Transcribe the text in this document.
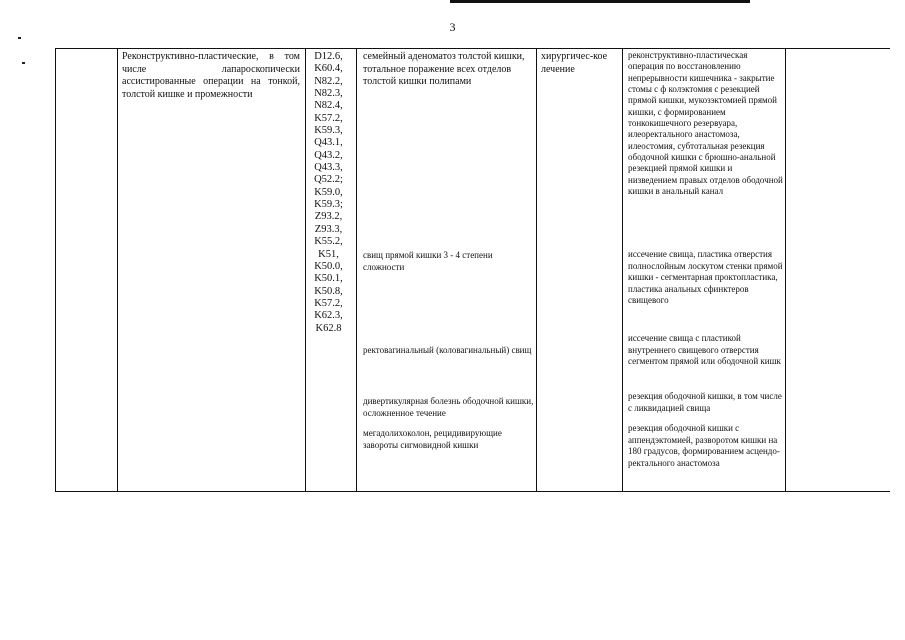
3
Реконструктивно-пластические, в том числе лапароскопически ассистированные операции на тонкой, толстой кишке и промежности
D12.6,
K60.4,
N82.2,
N82.3,
N82.4,
K57.2,
K59.3,
Q43.1,
Q43.2,
Q43.3,
Q52.2;
K59.0,
K59.3;
Z93.2,
Z93.3,
K55.2,
K51,
K50.0,
K50.1,
K50.8,
K57.2,
K62.3,
K62.8
семейный аденоматоз толстой кишки, тотальное поражение всех отделов толстой кишки полипами
свищ прямой кишки 3 - 4 степени сложности
ректовагинальный (коловагинальный) свищ
дивертикулярная болезнь ободочной кишки, осложненное течение
мегадолихоколон, рецидивирующие завороты сигмовидной кишки
хирургичес-кое лечение
реконструктивно-пластическая операция по восстановлению непрерывности кишечника - закрытие стомы с ф колэктомия с резекцией прямой кишки, мукозэктомией прямой кишки, с формированием тонкокишечного резервуара, илеоректального анастомоза, илеостомия, субтотальная резекция ободочной кишки с брюшно-анальной резекцией прямой кишки и низведением правых отделов ободочной кишки в анальный канал
иссечение свища, пластика отверстия полнослойным лоскутом стенки прямой кишки - сегментарная проктопластика, пластика анальных сфинктеров свищевого
иссечение свища с пластикой внутреннего свищевого отверстия сегментом прямой или ободочной кишк
резекция ободочной кишки, в том числе с ликвидацией свища
резекция ободочной кишки с аппендэктомией, разворотом кишки на 180 градусов, формированием асцендо-ректального анастомоза
